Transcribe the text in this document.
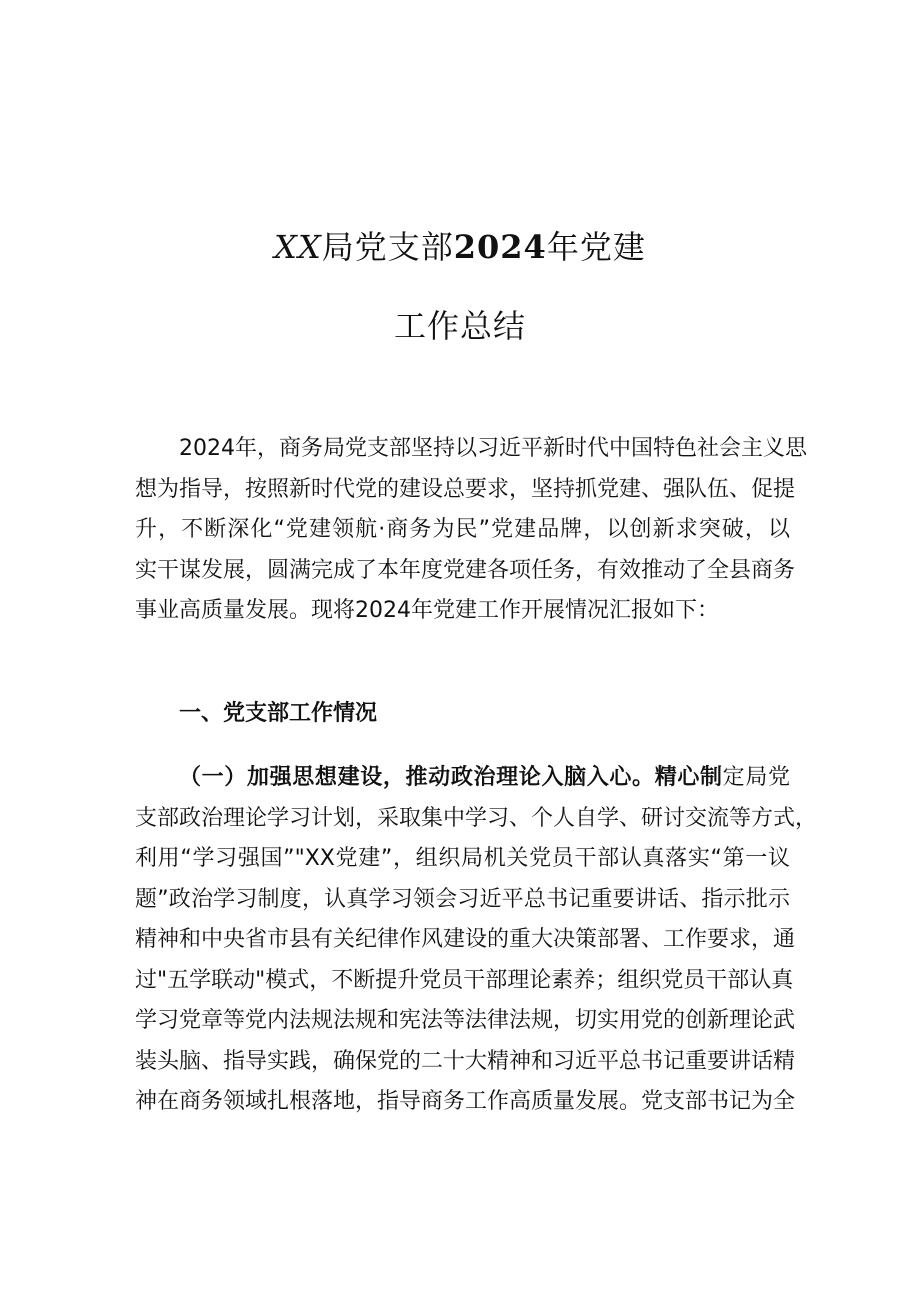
XX局党支部2024年党建
工作总结
2024年，商务局党支部坚持以习近平新时代中国特色社会主义思
想为指导，按照新时代党的建设总要求，坚持抓党建、强队伍、促提
升，不断深化“党建领航·商务为民”党建品牌，以创新求突破，以
实干谋发展，圆满完成了本年度党建各项任务，有效推动了全县商务
事业高质量发展。现将2024年党建工作开展情况汇报如下：
一、党支部工作情况
（一）加强思想建设，推动政治理论入脑入心。精心制定局党
支部政治理论学习计划，采取集中学习、个人自学、研讨交流等方式，
利用“学习强国”"XX党建”，组织局机关党员干部认真落实“第一议
题”政治学习制度，认真学习领会习近平总书记重要讲话、指示批示
精神和中央省市县有关纪律作风建设的重大决策部署、工作要求，通
过"五学联动"模式，不断提升党员干部理论素养；组织党员干部认真
学习党章等党内法规法规和宪法等法律法规，切实用党的创新理论武
装头脑、指导实践，确保党的二十大精神和习近平总书记重要讲话精
神在商务领域扎根落地，指导商务工作高质量发展。党支部书记为全
